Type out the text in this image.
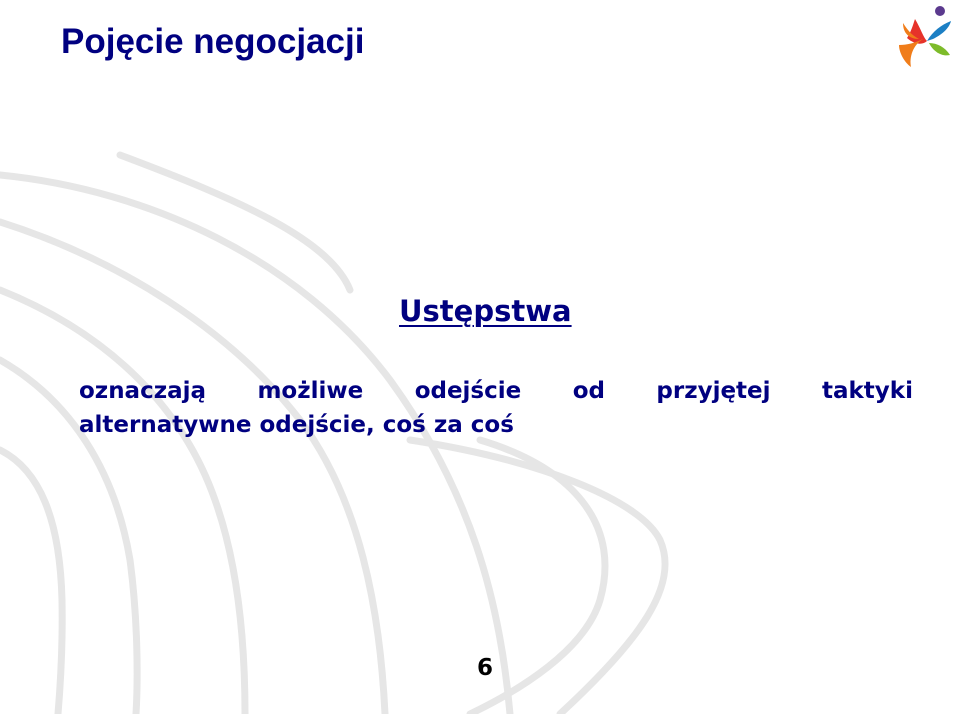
Pojęcie negocjacji
Ustępstwa
oznaczają możliwe odejście od przyjętej taktyki
alternatywne odejście, coś za coś
6
